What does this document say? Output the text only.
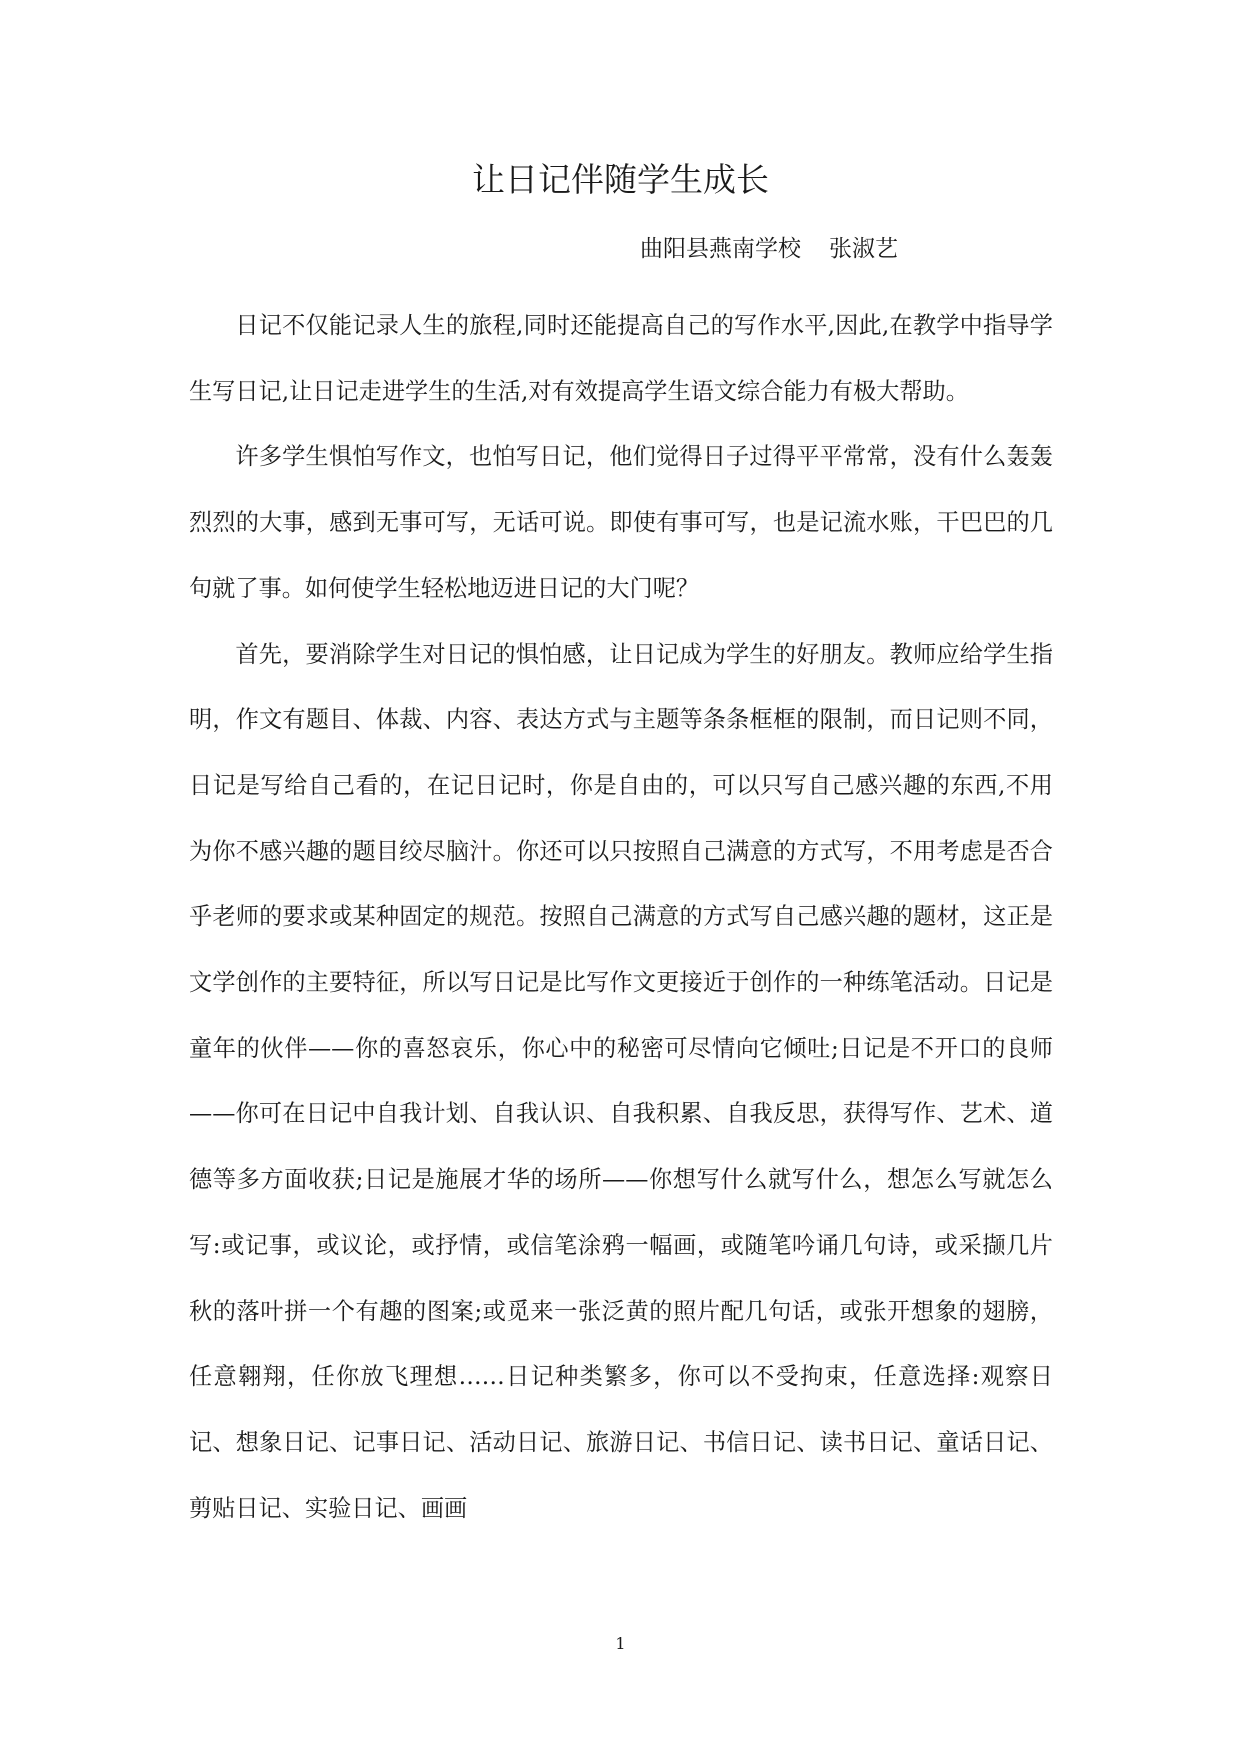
让日记伴随学生成长
曲阳县燕南学校 张淑艺

日记不仅能记录人生的旅程,同时还能提高自己的写作水平,因此,在教学中指导学生写日记,让日记走进学生的生活,对有效提高学生语文综合能力有极大帮助。

许多学生惧怕写作文，也怕写日记，他们觉得日子过得平平常常，没有什么轰轰烈烈的大事，感到无事可写，无话可说。即使有事可写，也是记流水账，干巴巴的几句就了事。如何使学生轻松地迈进日记的大门呢？

首先，要消除学生对日记的惧怕感，让日记成为学生的好朋友。教师应给学生指明，作文有题目、体裁、内容、表达方式与主题等条条框框的限制，而日记则不同，日记是写给自己看的，在记日记时，你是自由的，可以只写自己感兴趣的东西,不用为你不感兴趣的题目绞尽脑汁。你还可以只按照自己满意的方式写，不用考虑是否合乎老师的要求或某种固定的规范。按照自己满意的方式写自己感兴趣的题材，这正是文学创作的主要特征，所以写日记是比写作文更接近于创作的一种练笔活动。日记是童年的伙伴——你的喜怒哀乐，你心中的秘密可尽情向它倾吐;日记是不开口的良师——你可在日记中自我计划、自我认识、自我积累、自我反思，获得写作、艺术、道德等多方面收获;日记是施展才华的场所——你想写什么就写什么，想怎么写就怎么写:或记事，或议论，或抒情，或信笔涂鸦一幅画，或随笔吟诵几句诗，或采撷几片秋的落叶拼一个有趣的图案;或觅来一张泛黄的照片配几句话，或张开想象的翅膀，任意翱翔，任你放飞理想……日记种类繁多，你可以不受拘束，任意选择:观察日记、想象日记、记事日记、活动日记、旅游日记、书信日记、读书日记、童话日记、剪贴日记、实验日记、画画

1
